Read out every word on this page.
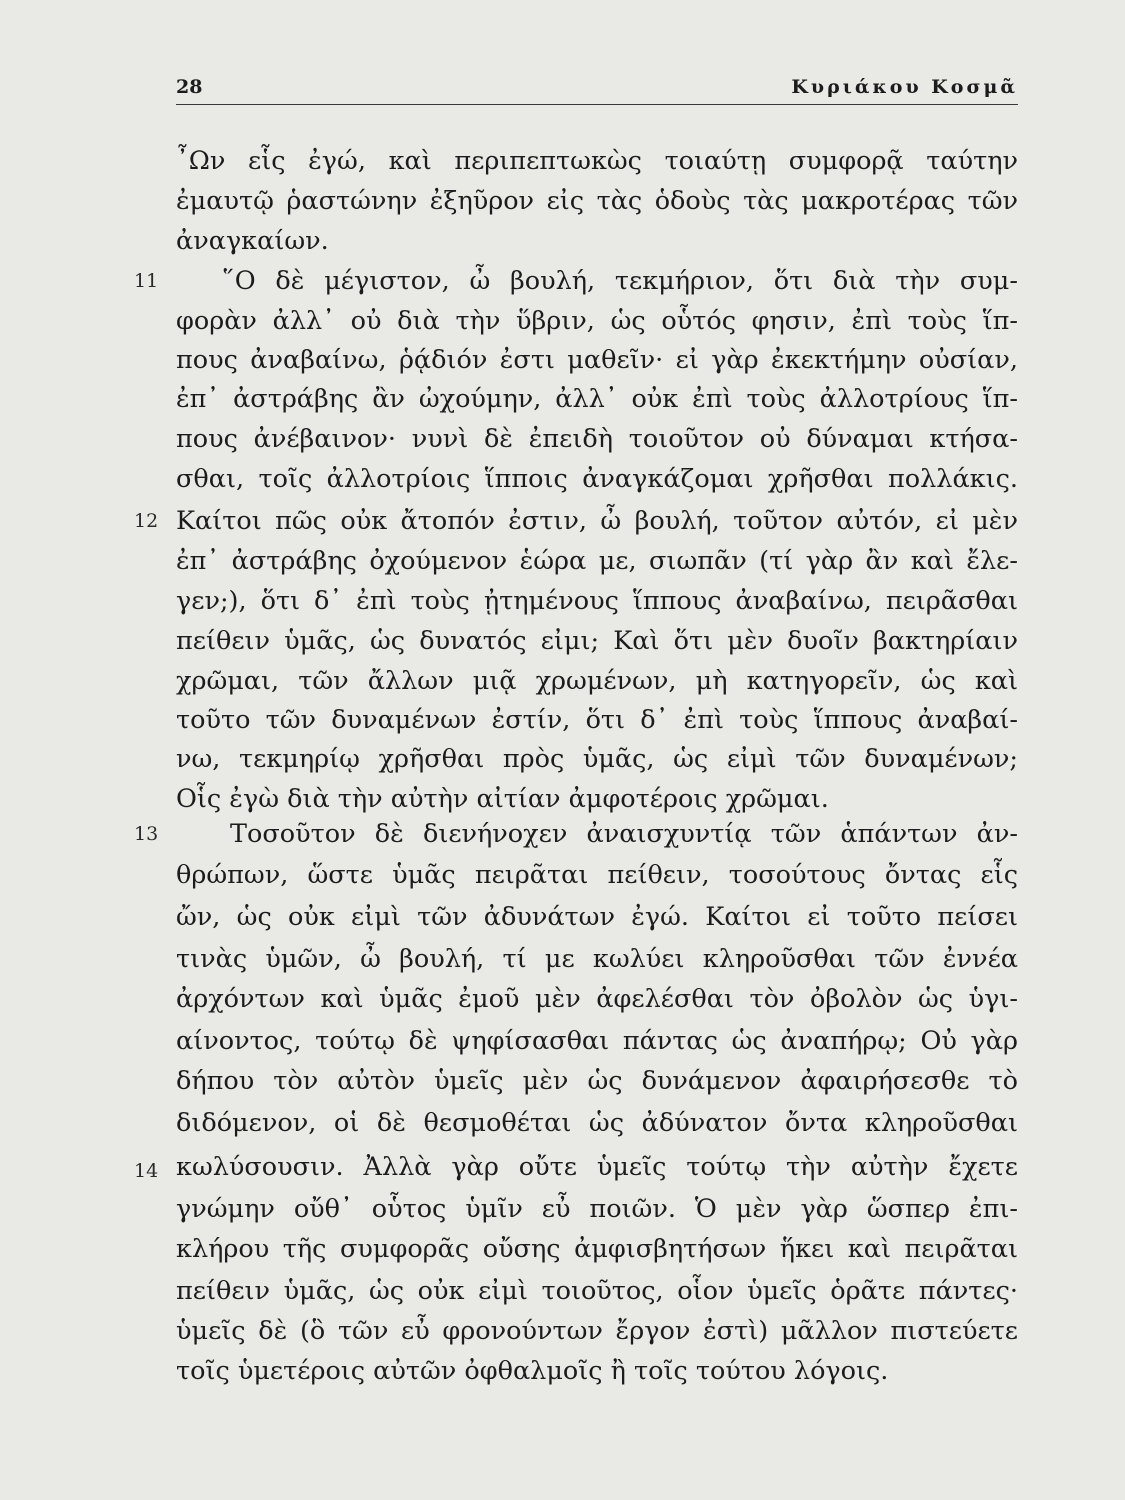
28	Κυριάκου Κοσμᾶ
11
12
13
14
῏Ων εἷς ἐγώ, καὶ περιπεπτωκὼς τοιαύτῃ συμφορᾷ ταύτην
ἐμαυτῷ ῥαστώνην ἐξηῦρον εἰς τὰς ὁδοὺς τὰς μακροτέρας τῶν
ἀναγκαίων.
῞Ο δὲ μέγιστον, ὦ βουλή, τεκμήριον, ὅτι διὰ τὴν συμ-
φορὰν ἀλλ᾽ οὐ διὰ τὴν ὕβριν, ὡς οὗτός φησιν, ἐπὶ τοὺς ἵπ-
πους ἀναβαίνω, ῥᾴδιόν ἐστι μαθεῖν· εἰ γὰρ ἐκεκτήμην οὐσίαν,
ἐπ᾽ ἀστράβης ἂν ὠχούμην, ἀλλ᾽ οὐκ ἐπὶ τοὺς ἀλλοτρίους ἵπ-
πους ἀνέβαινον· νυνὶ δὲ ἐπειδὴ τοιοῦτον οὐ δύναμαι κτήσα-
σθαι, τοῖς ἀλλοτρίοις ἵπποις ἀναγκάζομαι χρῆσθαι πολλάκις.
Καίτοι πῶς οὐκ ἄτοπόν ἐστιν, ὦ βουλή, τοῦτον αὐτόν, εἰ μὲν
ἐπ᾽ ἀστράβης ὀχούμενον ἑώρα με, σιωπᾶν (τί γὰρ ἂν καὶ ἔλε-
γεν;), ὅτι δ᾽ ἐπὶ τοὺς ᾐτημένους ἵππους ἀναβαίνω, πειρᾶσθαι
πείθειν ὑμᾶς, ὡς δυνατός εἰμι; Καὶ ὅτι μὲν δυοῖν βακτηρίαιν
χρῶμαι, τῶν ἄλλων μιᾷ χρωμένων, μὴ κατηγορεῖν, ὡς καὶ
τοῦτο τῶν δυναμένων ἐστίν, ὅτι δ᾽ ἐπὶ τοὺς ἵππους ἀναβαί-
νω, τεκμηρίῳ χρῆσθαι πρὸς ὑμᾶς, ὡς εἰμὶ τῶν δυναμένων;
Οἷς ἐγὼ διὰ τὴν αὐτὴν αἰτίαν ἀμφοτέροις χρῶμαι.
Τοσοῦτον δὲ διενήνοχεν ἀναισχυντίᾳ τῶν ἁπάντων ἀν-
θρώπων, ὥστε ὑμᾶς πειρᾶται πείθειν, τοσούτους ὄντας εἷς
ὤν, ὡς οὐκ εἰμὶ τῶν ἀδυνάτων ἐγώ. Καίτοι εἰ τοῦτο πείσει
τινὰς ὑμῶν, ὦ βουλή, τί με κωλύει κληροῦσθαι τῶν ἐννέα
ἀρχόντων καὶ ὑμᾶς ἐμοῦ μὲν ἀφελέσθαι τὸν ὀβολὸν ὡς ὑγι-
αίνοντος, τούτῳ δὲ ψηφίσασθαι πάντας ὡς ἀναπήρῳ; Οὐ γὰρ
δήπου τὸν αὐτὸν ὑμεῖς μὲν ὡς δυνάμενον ἀφαιρήσεσθε τὸ
διδόμενον, οἱ δὲ θεσμοθέται ὡς ἀδύνατον ὄντα κληροῦσθαι
κωλύσουσιν. Ἀλλὰ γὰρ οὔτε ὑμεῖς τούτῳ τὴν αὐτὴν ἔχετε
γνώμην οὔθ᾽ οὗτος ὑμῖν εὖ ποιῶν. Ὁ μὲν γὰρ ὥσπερ ἐπι-
κλήρου τῆς συμφορᾶς οὔσης ἀμφισβητήσων ἥκει καὶ πειρᾶται
πείθειν ὑμᾶς, ὡς οὐκ εἰμὶ τοιοῦτος, οἷον ὑμεῖς ὁρᾶτε πάντες·
ὑμεῖς δὲ (ὃ τῶν εὖ φρονούντων ἔργον ἐστὶ) μᾶλλον πιστεύετε
τοῖς ὑμετέροις αὐτῶν ὀφθαλμοῖς ἢ τοῖς τούτου λόγοις.
